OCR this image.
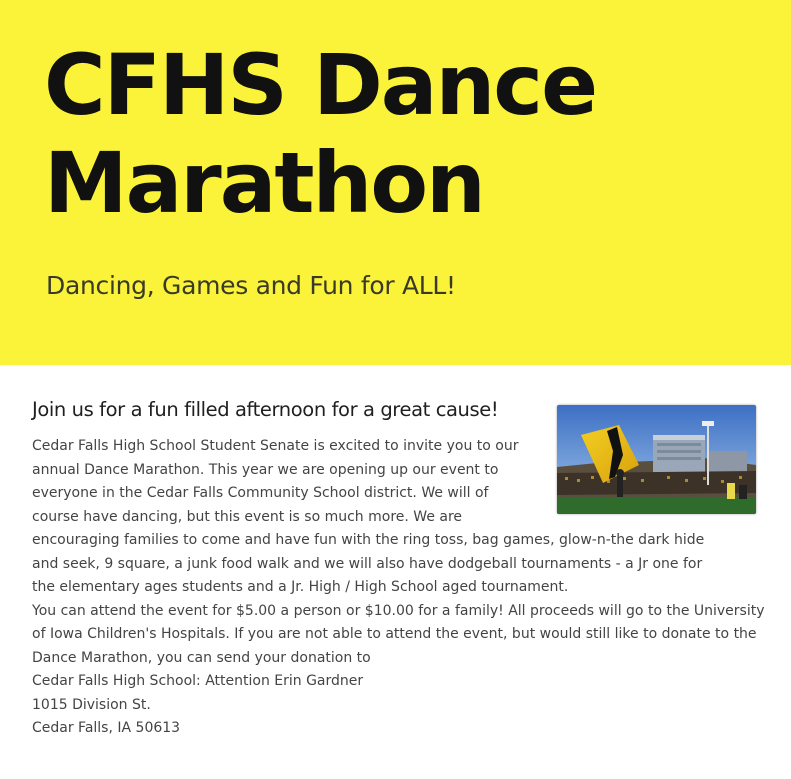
CFHS Dance Marathon
Dancing, Games and Fun for ALL!
Join us for a fun filled afternoon for a great cause!

Cedar Falls High School Student Senate is excited to invite you to our
annual Dance Marathon. This year we are opening up our event to
everyone in the Cedar Falls Community School district. We will of
course have dancing, but this event is so much more. We are
encouraging families to come and have fun with the ring toss, bag games, glow-n-the dark hide
and seek, 9 square, a junk food walk and we will also have dodgeball tournaments - a Jr one for
the elementary ages students and a Jr. High / High School aged tournament.

You can attend the event for $5.00 a person or $10.00 for a family! All proceeds will go to the University of Iowa Children's Hospitals. If you are not able to attend the event, but would still like to donate to the Dance Marathon, you can send your donation to

Cedar Falls High School: Attention Erin Gardner
1015 Division St.
Cedar Falls, IA 50613
